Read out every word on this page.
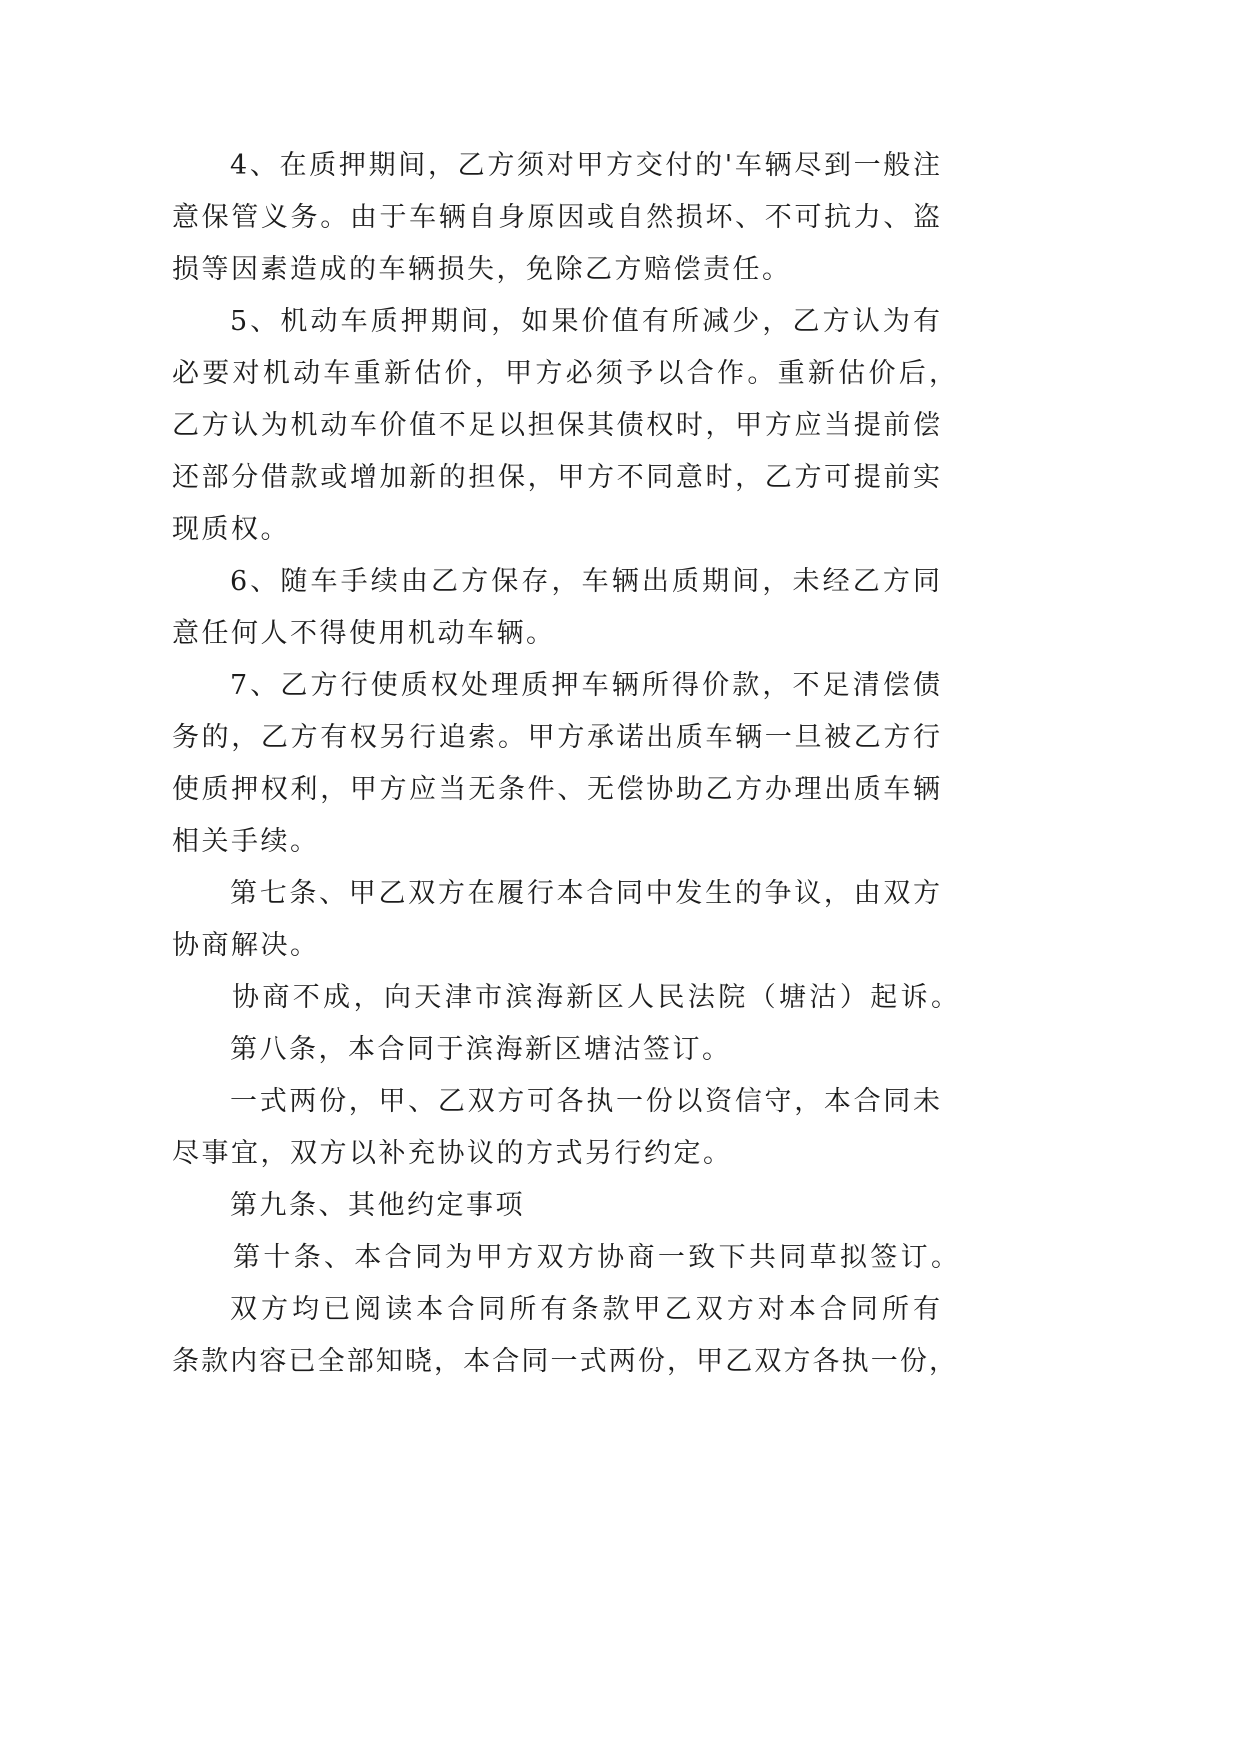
4、在质押期间，乙方须对甲方交付的'车辆尽到一般注
意保管义务。由于车辆自身原因或自然损坏、不可抗力、盗
损等因素造成的车辆损失，免除乙方赔偿责任。
5、机动车质押期间，如果价值有所减少，乙方认为有
必要对机动车重新估价，甲方必须予以合作。重新估价后，
乙方认为机动车价值不足以担保其债权时，甲方应当提前偿
还部分借款或增加新的担保，甲方不同意时，乙方可提前实
现质权。
6、随车手续由乙方保存，车辆出质期间，未经乙方同
意任何人不得使用机动车辆。
7、乙方行使质权处理质押车辆所得价款，不足清偿债
务的，乙方有权另行追索。甲方承诺出质车辆一旦被乙方行
使质押权利，甲方应当无条件、无偿协助乙方办理出质车辆
相关手续。
第七条、甲乙双方在履行本合同中发生的争议，由双方
协商解决。
协商不成，向天津市滨海新区人民法院（塘沽）起诉。
第八条，本合同于滨海新区塘沽签订。
一式两份，甲、乙双方可各执一份以资信守，本合同未
尽事宜，双方以补充协议的方式另行约定。
第九条、其他约定事项
第十条、本合同为甲方双方协商一致下共同草拟签订。
双方均已阅读本合同所有条款甲乙双方对本合同所有
条款内容已全部知晓，本合同一式两份，甲乙双方各执一份，
